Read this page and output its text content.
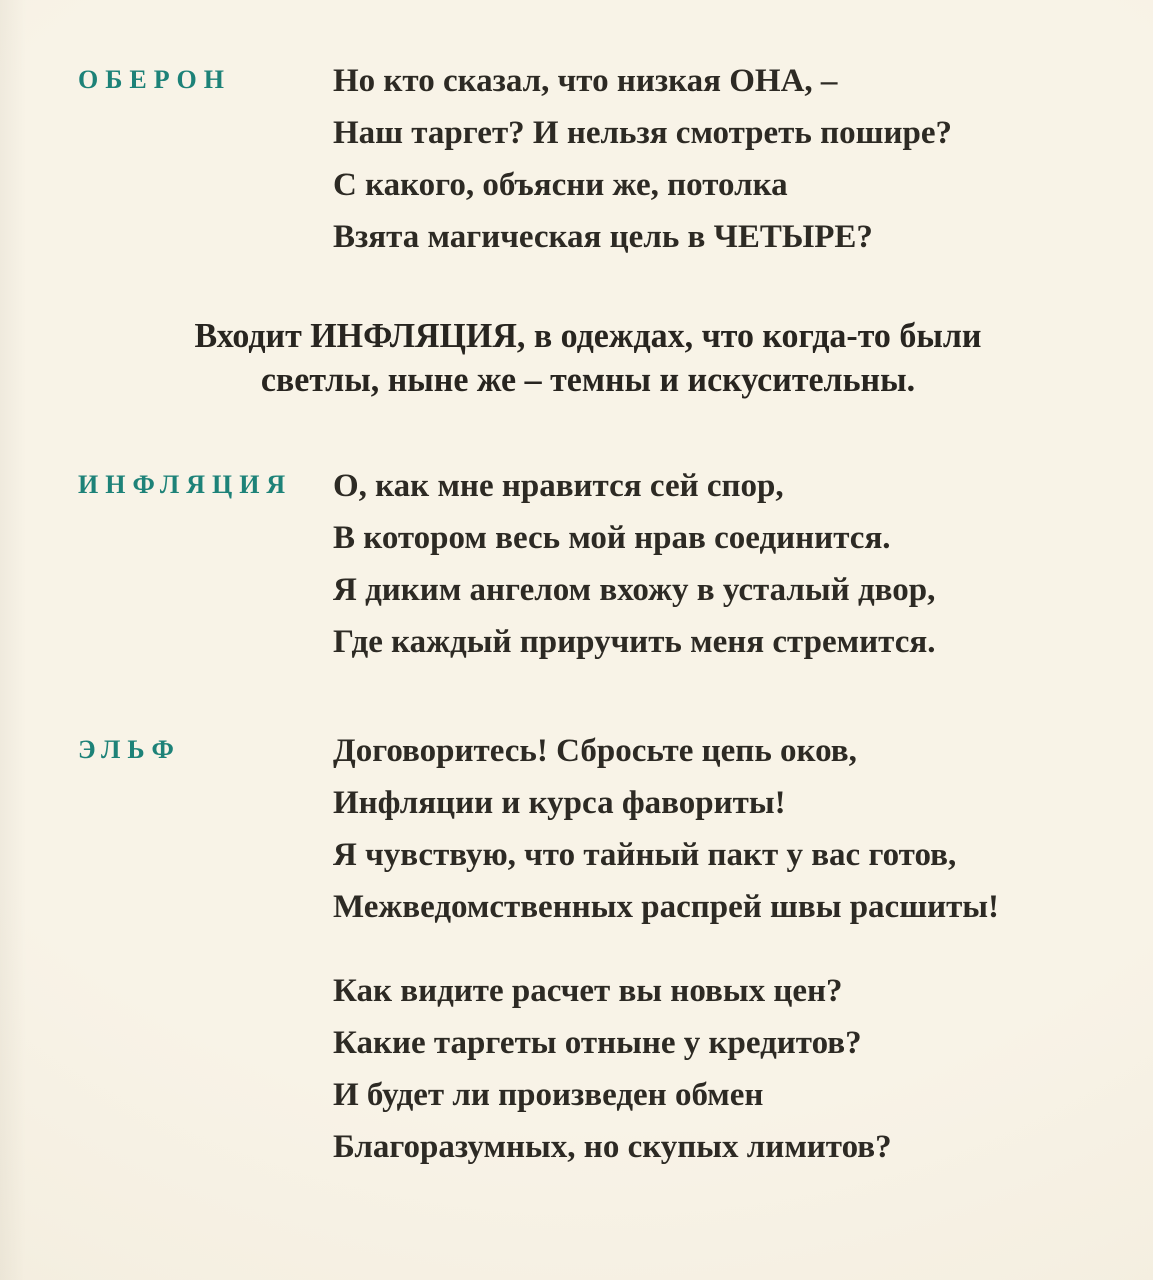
ОБЕРОН	Но кто сказал, что низкая ОНА, –
Наш таргет? И нельзя смотреть пошире?
С какого, объясни же, потолка
Взята магическая цель в ЧЕТЫРЕ?
Входит ИНФЛЯЦИЯ, в одеждах, что когда-то были
светлы, ныне же – темны и искусительны.
ИНФЛЯЦИЯ	О, как мне нравится сей спор,
В котором весь мой нрав соединится.
Я диким ангелом вхожу в усталый двор,
Где каждый приручить меня стремится.
ЭЛЬФ	Договоритесь! Сбросьте цепь оков,
Инфляции и курса фавориты!
Я чувствую, что тайный пакт у вас готов,
Межведомственных распрей швы расшиты!
Как видите расчет вы новых цен?
Какие таргеты отныне у кредитов?
И будет ли произведен обмен
Благоразумных, но скупых лимитов?
